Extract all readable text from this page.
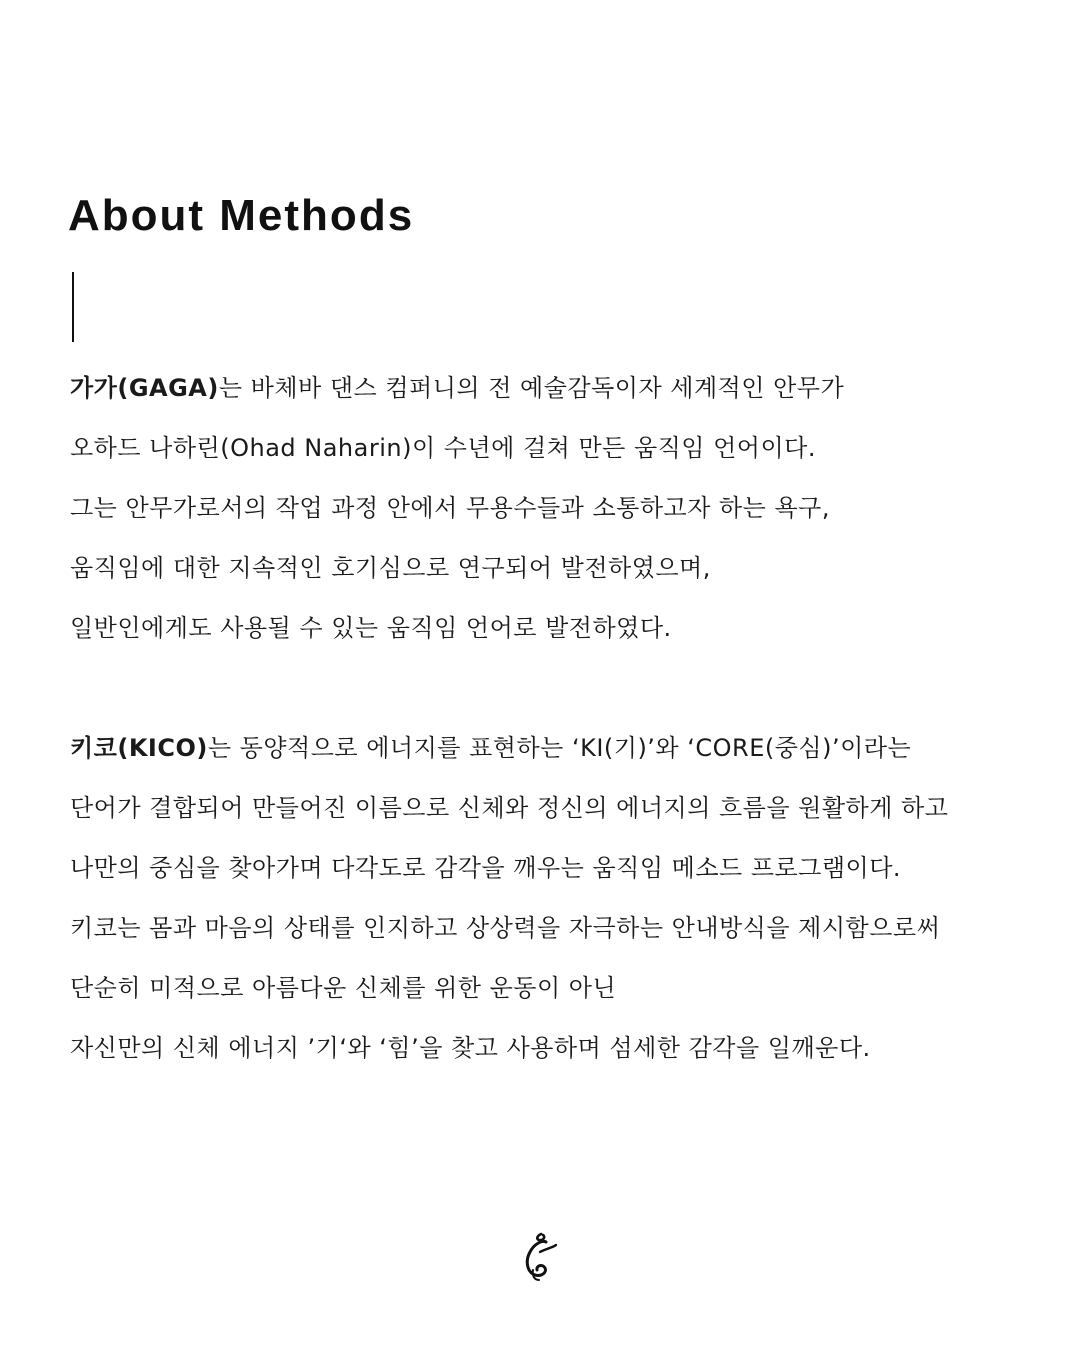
About Methods
가가(GAGA)는 바체바 댄스 컴퍼니의 전 예술감독이자 세계적인 안무가
오하드 나하린(Ohad Naharin)이 수년에 걸쳐 만든 움직임 언어이다.
그는 안무가로서의 작업 과정 안에서 무용수들과 소통하고자 하는 욕구,
움직임에 대한 지속적인 호기심으로 연구되어 발전하였으며,
일반인에게도 사용될 수 있는 움직임 언어로 발전하였다.
키코(KICO)는 동양적으로 에너지를 표현하는 ‘KI(기)’와 ‘CORE(중심)’이라는
단어가 결합되어 만들어진 이름으로 신체와 정신의 에너지의 흐름을 원활하게 하고
나만의 중심을 찾아가며 다각도로 감각을 깨우는 움직임 메소드 프로그램이다.
키코는 몸과 마음의 상태를 인지하고 상상력을 자극하는 안내방식을 제시함으로써
단순히 미적으로 아름다운 신체를 위한 운동이 아닌
자신만의 신체 에너지 ’기‘와 ‘힘’을 찾고 사용하며 섬세한 감각을 일깨운다.
